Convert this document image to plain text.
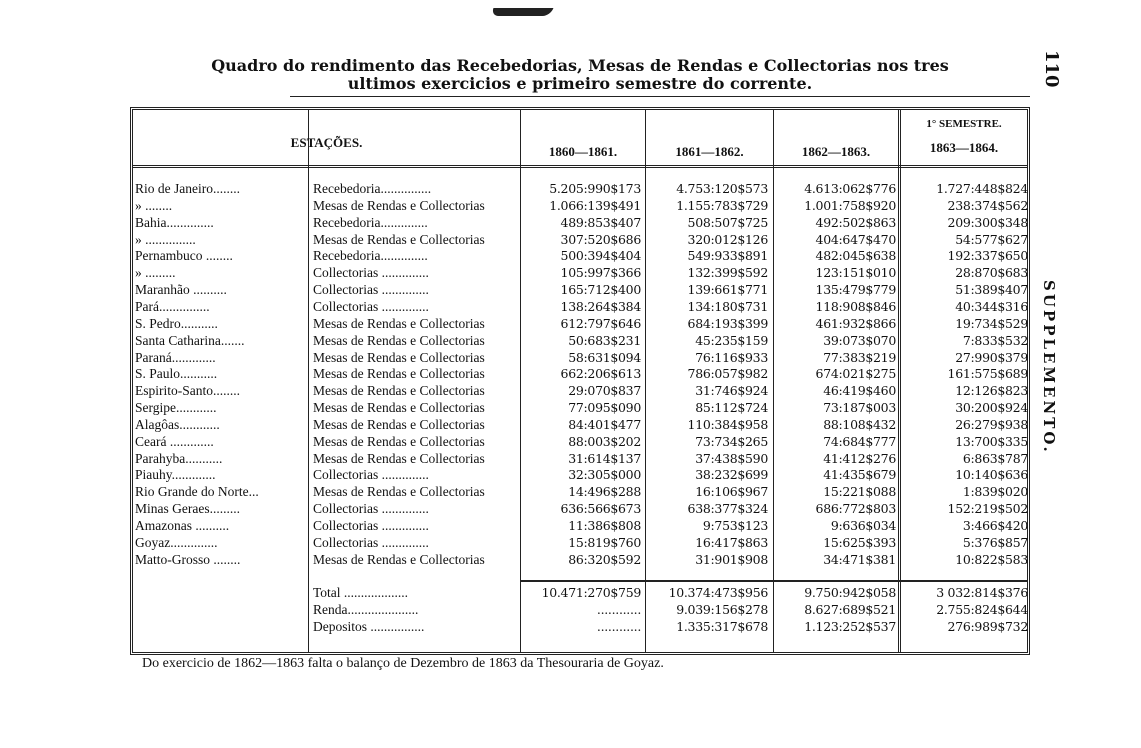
Quadro do rendimento das Recebedorias, Mesas de Rendas e Collectorias nos tres
ultimos exercicios e primeiro semestre do corrente.	110
SUPPLEMENTO.
ESTAÇÕES.
1860—1861.	1861—1862.	1862—1863.
1° SEMESTRE.
1863—1864.
Rio de Janeiro........	Recebedoria...............	5.205:990$173	4.753:120$573	4.613:062$776	1.727:448$824
» ........	Mesas de Rendas e Collectorias	1.066:139$491	1.155:783$729	1.001:758$920	238:374$562
Bahia..............	Recebedoria..............	489:853$407	508:507$725	492:502$863	209:300$348
» ...............	Mesas de Rendas e Collectorias	307:520$686	320:012$126	404:647$470	54:577$627
Pernambuco ........	Recebedoria..............	500:394$404	549:933$891	482:045$638	192:337$650
» .........	Collectorias ..............	105:997$366	132:399$592	123:151$010	28:870$683
Maranhão ..........	Collectorias ..............	165:712$400	139:661$771	135:479$779	51:389$407
Pará...............	Collectorias ..............	138:264$384	134:180$731	118:908$846	40:344$316
S. Pedro...........	Mesas de Rendas e Collectorias	612:797$646	684:193$399	461:932$866	19:734$529
Santa Catharina.......	Mesas de Rendas e Collectorias	50:683$231	45:235$159	39:073$070	7:833$532
Paraná.............	Mesas de Rendas e Collectorias	58:631$094	76:116$933	77:383$219	27:990$379
S. Paulo...........	Mesas de Rendas e Collectorias	662:206$613	786:057$982	674:021$275	161:575$689
Espirito-Santo........	Mesas de Rendas e Collectorias	29:070$837	31:746$924	46:419$460	12:126$823
Sergipe............	Mesas de Rendas e Collectorias	77:095$090	85:112$724	73:187$003	30:200$924
Alagôas............	Mesas de Rendas e Collectorias	84:401$477	110:384$958	88:108$432	26:279$938
Ceará .............	Mesas de Rendas e Collectorias	88:003$202	73:734$265	74:684$777	13:700$335
Parahyba...........	Mesas de Rendas e Collectorias	31:614$137	37:438$590	41:412$276	6:863$787
Piauhy.............	Collectorias ..............	32:305$000	38:232$699	41:435$679	10:140$636
Rio Grande do Norte...	Mesas de Rendas e Collectorias	14:496$288	16:106$967	15:221$088	1:839$020
Minas Geraes.........	Collectorias ..............	636:566$673	638:377$324	686:772$803	152:219$502
Amazonas ..........	Collectorias ..............	11:386$808	9:753$123	9:636$034	3:466$420
Goyaz..............	Collectorias ..............	15:819$760	16:417$863	15:625$393	5:376$857
Matto-Grosso ........	Mesas de Rendas e Collectorias	86:320$592	31:901$908	34:471$381	10:822$583
Total ...................	10.471:270$759	10.374:473$956	9.750:942$058	3 032:814$376
Renda.....................	............	9.039:156$278	8.627:689$521	2.755:824$644
Depositos ................	............	1.335:317$678	1.123:252$537	276:989$732
Do exercicio de 1862—1863 falta o balanço de Dezembro de 1863 da Thesouraria de Goyaz.
